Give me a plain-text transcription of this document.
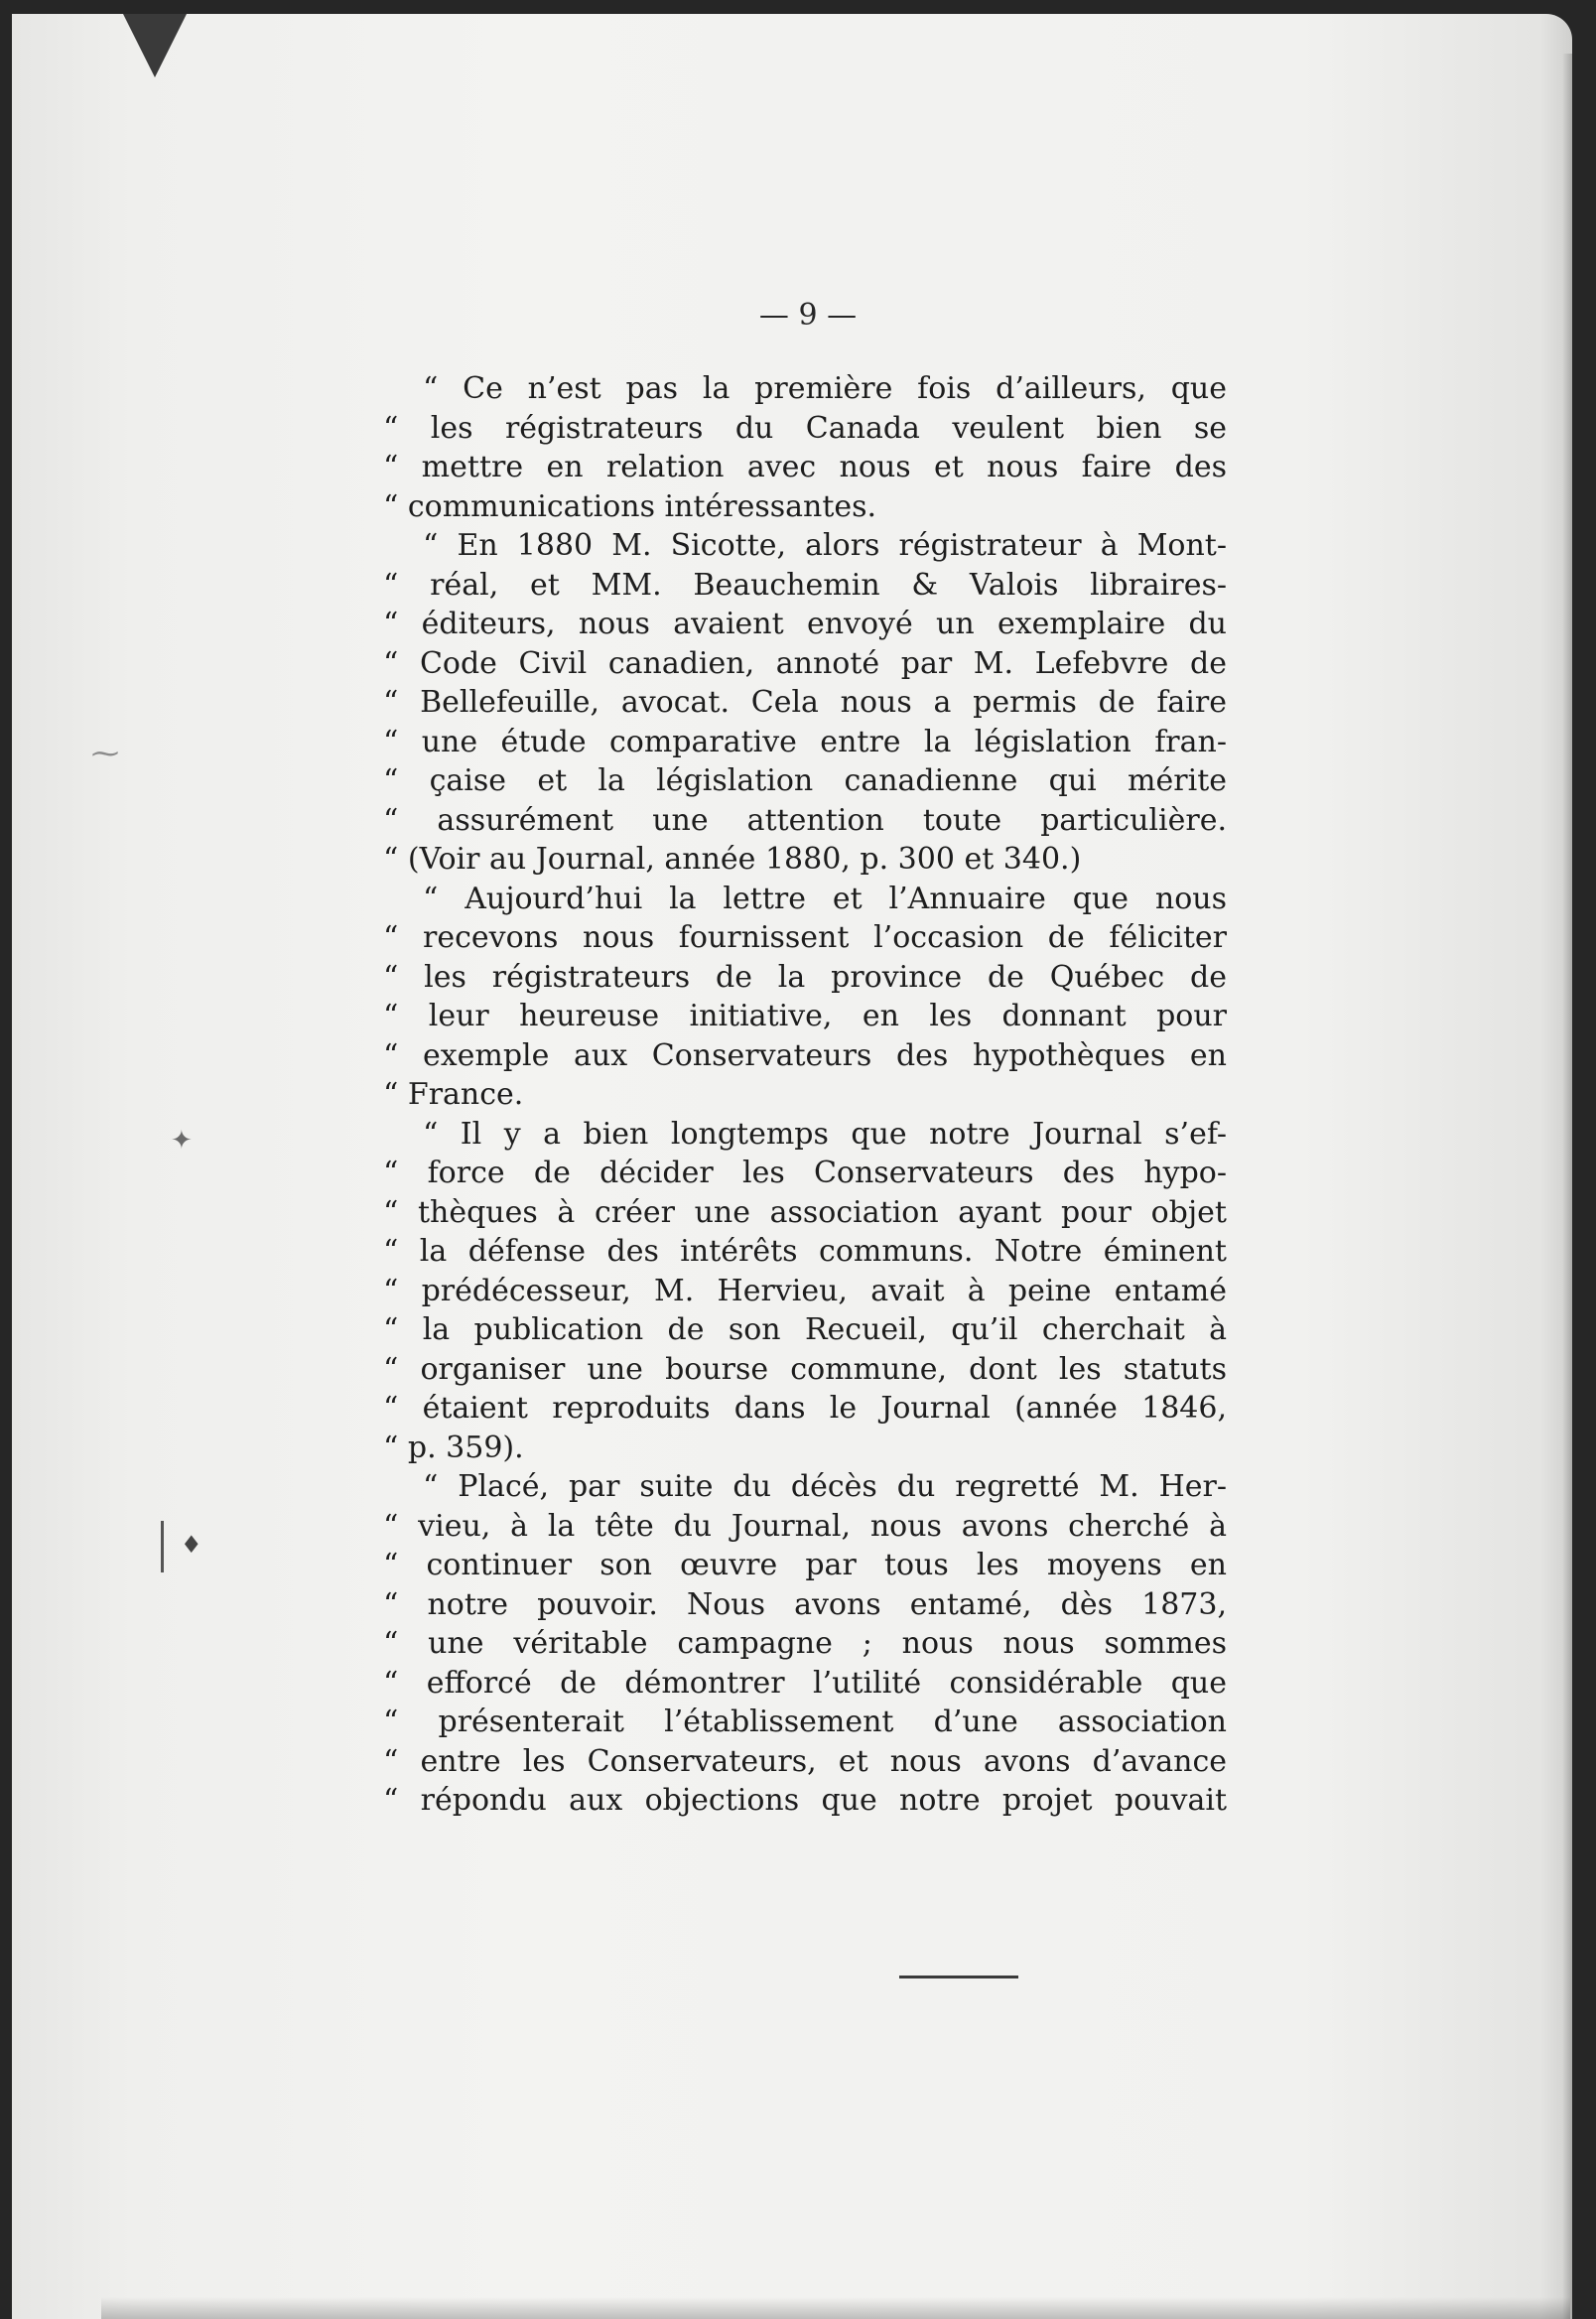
⁓
✦
♦
— 9 —
“ Ce n’est pas la première fois d’ailleurs, que
“ les régistrateurs du Canada veulent bien se
“ mettre en relation avec nous et nous faire des
“ communications intéressantes.
“ En 1880 M. Sicotte, alors régistrateur à Mont-
“ réal, et MM. Beauchemin & Valois libraires-
“ éditeurs, nous avaient envoyé un exemplaire du
“ Code Civil canadien, annoté par M. Lefebvre de
“ Bellefeuille, avocat. Cela nous a permis de faire
“ une étude comparative entre la législation fran-
“ çaise et la législation canadienne qui mérite
“ assurément une attention toute particulière.
“ (Voir au Journal, année 1880, p. 300 et 340.)
“ Aujourd’hui la lettre et l’Annuaire que nous
“ recevons nous fournissent l’occasion de féliciter
“ les régistrateurs de la province de Québec de
“ leur heureuse initiative, en les donnant pour
“ exemple aux Conservateurs des hypothèques en
“ France.
“ Il y a bien longtemps que notre Journal s’ef-
“ force de décider les Conservateurs des hypo-
“ thèques à créer une association ayant pour objet
“ la défense des intérêts communs. Notre éminent
“ prédécesseur, M. Hervieu, avait à peine entamé
“ la publication de son Recueil, qu’il cherchait à
“ organiser une bourse commune, dont les statuts
“ étaient reproduits dans le Journal (année 1846,
“ p. 359).
“ Placé, par suite du décès du regretté M. Her-
“ vieu, à la tête du Journal, nous avons cherché à
“ continuer son œuvre par tous les moyens en
“ notre pouvoir. Nous avons entamé, dès 1873,
“ une véritable campagne ; nous nous sommes
“ efforcé de démontrer l’utilité considérable que
“ présenterait l’établissement d’une association
“ entre les Conservateurs, et nous avons d’avance
“ répondu aux objections que notre projet pouvait
